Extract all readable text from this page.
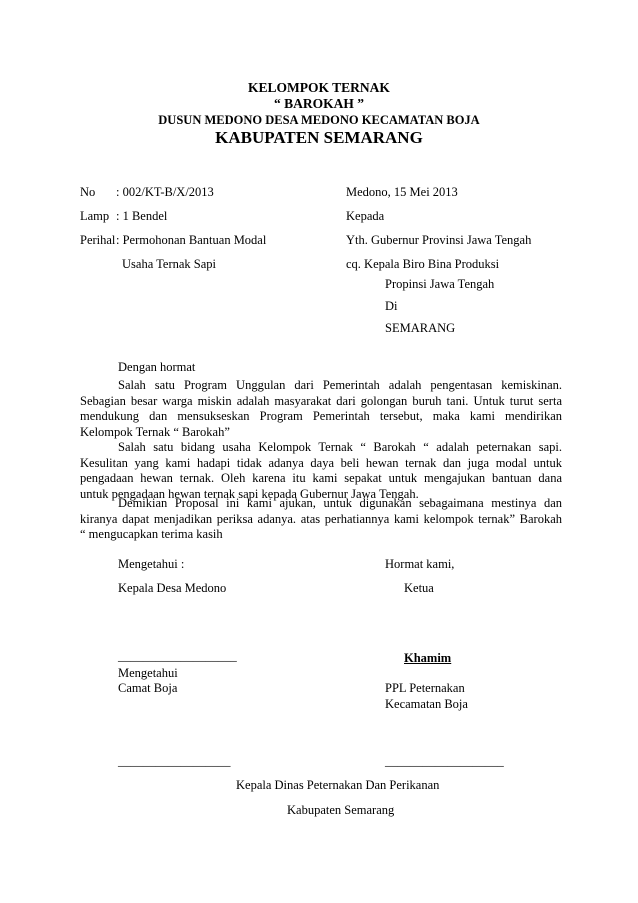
KELOMPOK TERNAK
“ BAROKAH ”
DUSUN MEDONO DESA MEDONO KECAMATAN BOJA
KABUPATEN SEMARANG
No : 002/KT-B/X/2013
Lamp : 1 Bendel
Perihal : Permohonan Bantuan Modal
Usaha Ternak Sapi
Medono, 15 Mei 2013
Kepada
Yth. Gubernur Provinsi Jawa Tengah
cq. Kepala Biro Bina Produksi
Propinsi Jawa Tengah
Di
SEMARANG
Dengan hormat
Salah satu Program Unggulan dari Pemerintah adalah pengentasan kemiskinan.
Sebagian besar warga miskin adalah masyarakat dari golongan buruh tani. Untuk turut serta
mendukung dan mensukseskan Program Pemerintah tersebut, maka kami mendirikan
Kelompok Ternak “ Barokah”
Salah satu bidang usaha Kelompok Ternak “ Barokah “ adalah peternakan sapi.
Kesulitan yang kami hadapi tidak adanya daya beli hewan ternak dan juga modal untuk
pengadaan hewan ternak. Oleh karena itu kami sepakat untuk mengajukan bantuan dana
untuk pengadaan hewan ternak sapi kepada Gubernur Jawa Tengah.
Demikian Proposal ini kami ajukan, untuk digunakan sebagaimana mestinya dan
kiranya dapat menjadikan periksa adanya. atas perhatiannya kami kelompok ternak” Barokah
“ mengucapkan terima kasih
Mengetahui :
Kepala Desa Medono
Hormat kami,
Ketua
___________________	Khamim
Mengetahui
Camat Boja	PPL Peternakan
Kecamatan Boja
__________________	___________________
Kepala Dinas Peternakan Dan Perikanan
Kabupaten Semarang
